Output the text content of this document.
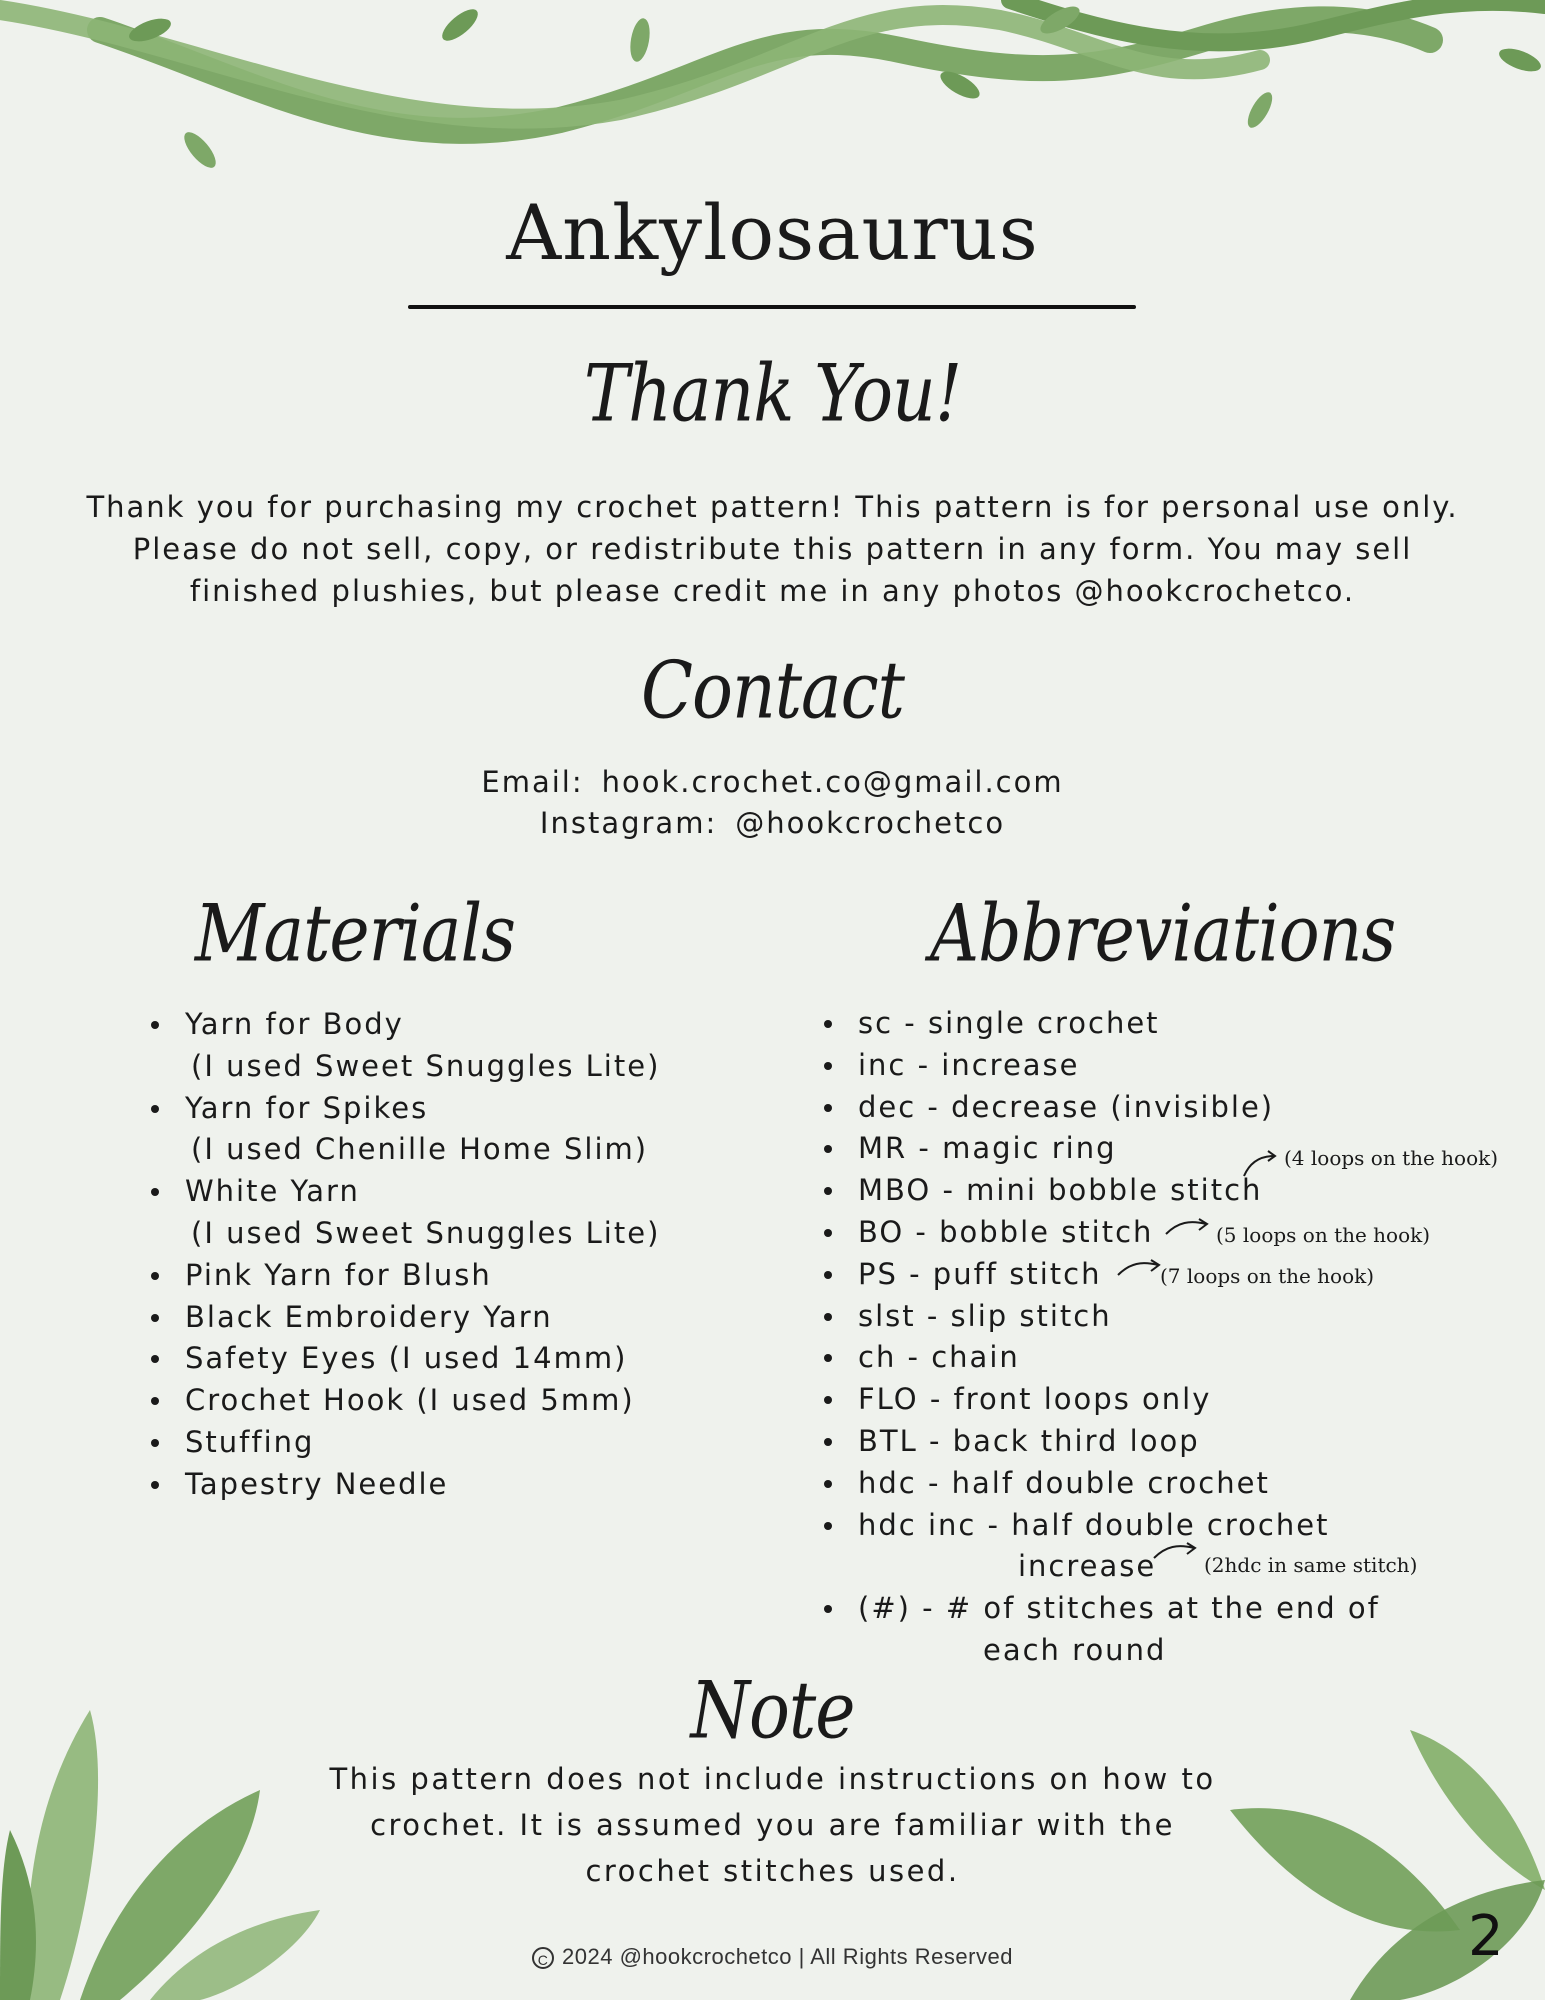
Ankylosaurus
Thank You!
Thank you for purchasing my crochet pattern! This pattern is for personal use only.
Please do not sell, copy, or redistribute this pattern in any form. You may sell
finished plushies, but please credit me in any photos @hookcrochetco.
Contact
Email: hook.crochet.co@gmail.com
Instagram: @hookcrochetco
Materials
Yarn for Body
(I used Sweet Snuggles Lite)
Yarn for Spikes
(I used Chenille Home Slim)
White Yarn
(I used Sweet Snuggles Lite)
Pink Yarn for Blush
Black Embroidery Yarn
Safety Eyes (I used 14mm)
Crochet Hook (I used 5mm)
Stuffing
Tapestry Needle
Abbreviations
sc - single crochet
inc - increase
dec - decrease (invisible)
MR - magic ring
MBO - mini bobble stitch
BO - bobble stitch
PS - puff stitch
slst - slip stitch
ch - chain
FLO - front loops only
BTL - back third loop
hdc - half double crochet
hdc inc - half double crochet
increase
(#) - # of stitches at the end of
each round
(4 loops on the hook)
(5 loops on the hook)
(7 loops on the hook)
(2hdc in same stitch)
Note
This pattern does not include instructions on how to
crochet. It is assumed you are familiar with the
crochet stitches used.
C 2024 @hookcrochetco | All Rights Reserved	2
